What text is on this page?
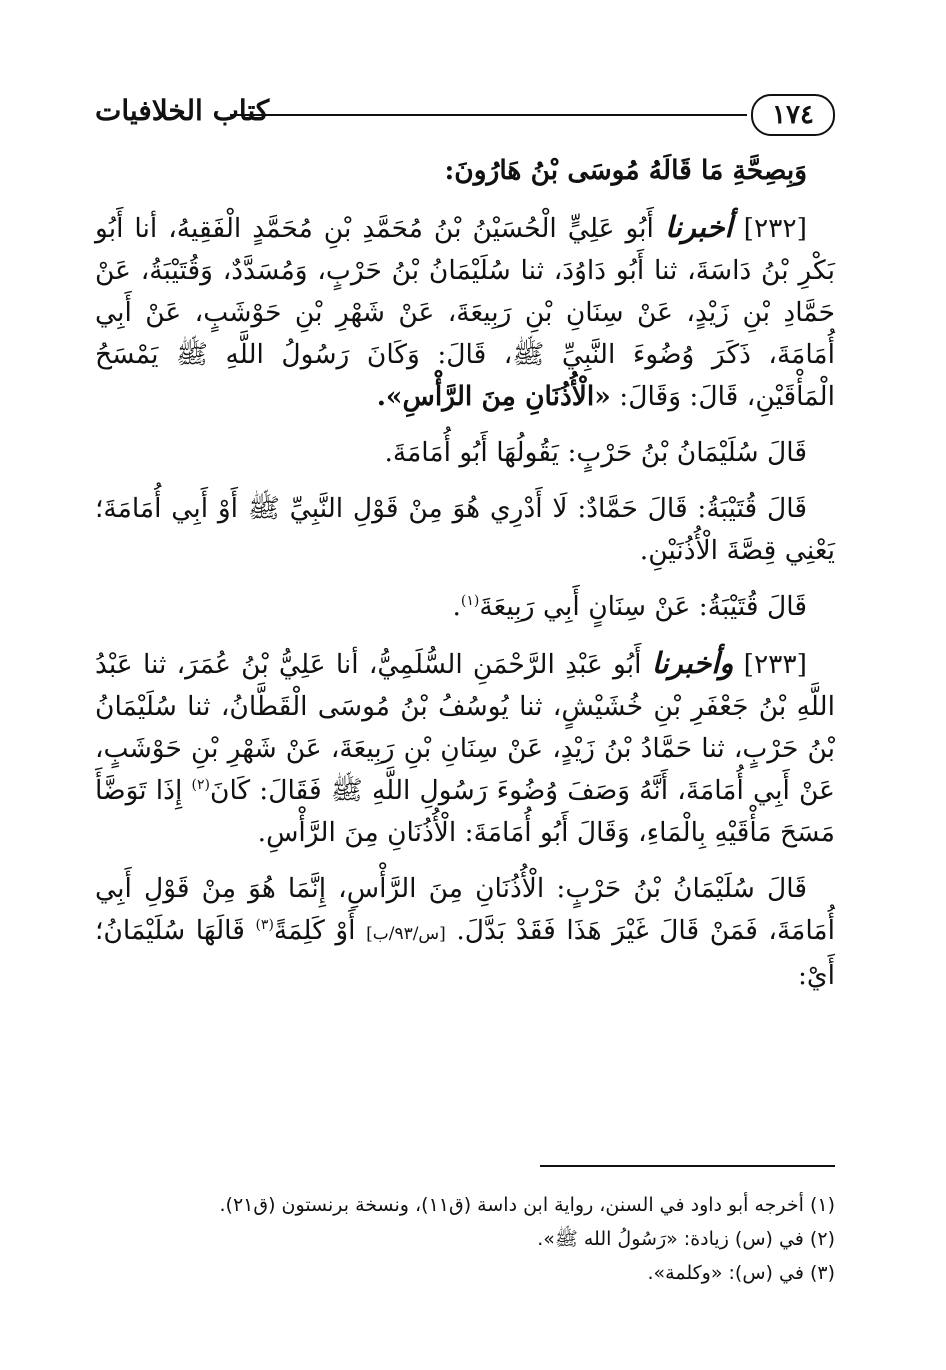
كتاب الخلافيات	١٧٤

وَبِصِحَّةِ مَا قَالَهُ مُوسَى بْنُ هَارُونَ:

[٢٣٢] أخبرنا أَبُو عَلِيٍّ الْحُسَيْنُ بْنُ مُحَمَّدِ بْنِ مُحَمَّدٍ الْفَقِيهُ، أنا أَبُو بَكْرِ بْنُ دَاسَةَ، ثنا أَبُو دَاوُدَ، ثنا سُلَيْمَانُ بْنُ حَرْبٍ، وَمُسَدَّدٌ، وَقُتَيْبَةُ، عَنْ حَمَّادِ بْنِ زَيْدٍ، عَنْ سِنَانِ بْنِ رَبِيعَةَ، عَنْ شَهْرِ بْنِ حَوْشَبٍ، عَنْ أَبِي أُمَامَةَ، ذَكَرَ وُضُوءَ النَّبِيِّ ﷺ، قَالَ: وَكَانَ رَسُولُ اللَّهِ ﷺ يَمْسَحُ الْمَأْقَيْنِ، قَالَ: وَقَالَ: «الْأُذُنَانِ مِنَ الرَّأْسِ».

قَالَ سُلَيْمَانُ بْنُ حَرْبٍ: يَقُولُهَا أَبُو أُمَامَةَ.

قَالَ قُتَيْبَةُ: قَالَ حَمَّادٌ: لَا أَدْرِي هُوَ مِنْ قَوْلِ النَّبِيِّ ﷺ أَوْ أَبِي أُمَامَةَ؛ يَعْنِي قِصَّةَ الْأُذُنَيْنِ.

قَالَ قُتَيْبَةُ: عَنْ سِنَانٍ أَبِي رَبِيعَةَ$^{(١)}$.

[٢٣٣] وأخبرنا أَبُو عَبْدِ الرَّحْمَنِ السُّلَمِيُّ، أنا عَلِيُّ بْنُ عُمَرَ، ثنا عَبْدُ اللَّهِ بْنُ جَعْفَرِ بْنِ خُشَيْشٍ، ثنا يُوسُفُ بْنُ مُوسَى الْقَطَّانُ، ثنا سُلَيْمَانُ بْنُ حَرْبٍ، ثنا حَمَّادُ بْنُ زَيْدٍ، عَنْ سِنَانِ بْنِ رَبِيعَةَ، عَنْ شَهْرِ بْنِ حَوْشَبٍ، عَنْ أَبِي أُمَامَةَ، أَنَّهُ وَصَفَ وُضُوءَ رَسُولِ اللَّهِ ﷺ فَقَالَ: كَانَ$^{(٢)}$ إِذَا تَوَضَّأَ مَسَحَ مَأْقَيْهِ بِالْمَاءِ، وَقَالَ أَبُو أُمَامَةَ: الْأُذُنَانِ مِنَ الرَّأْسِ.

قَالَ سُلَيْمَانُ بْنُ حَرْبٍ: الْأُذُنَانِ مِنَ الرَّأْسِ، إِنَّمَا هُوَ مِنْ قَوْلِ أَبِي أُمَامَةَ، فَمَنْ قَالَ غَيْرَ هَذَا فَقَدْ بَدَّلَ. [س/٩٣/ب] أَوْ كَلِمَةً$^{(٣)}$ قَالَهَا سُلَيْمَانُ؛ أَيْ:

(١) أخرجه أبو داود في السنن، رواية ابن داسة (ق١١)، ونسخة برنستون (ق٢١).

(٢) في (س) زيادة: «رَسُولُ الله ﷺ».

(٣) في (س): «وكلمة».
